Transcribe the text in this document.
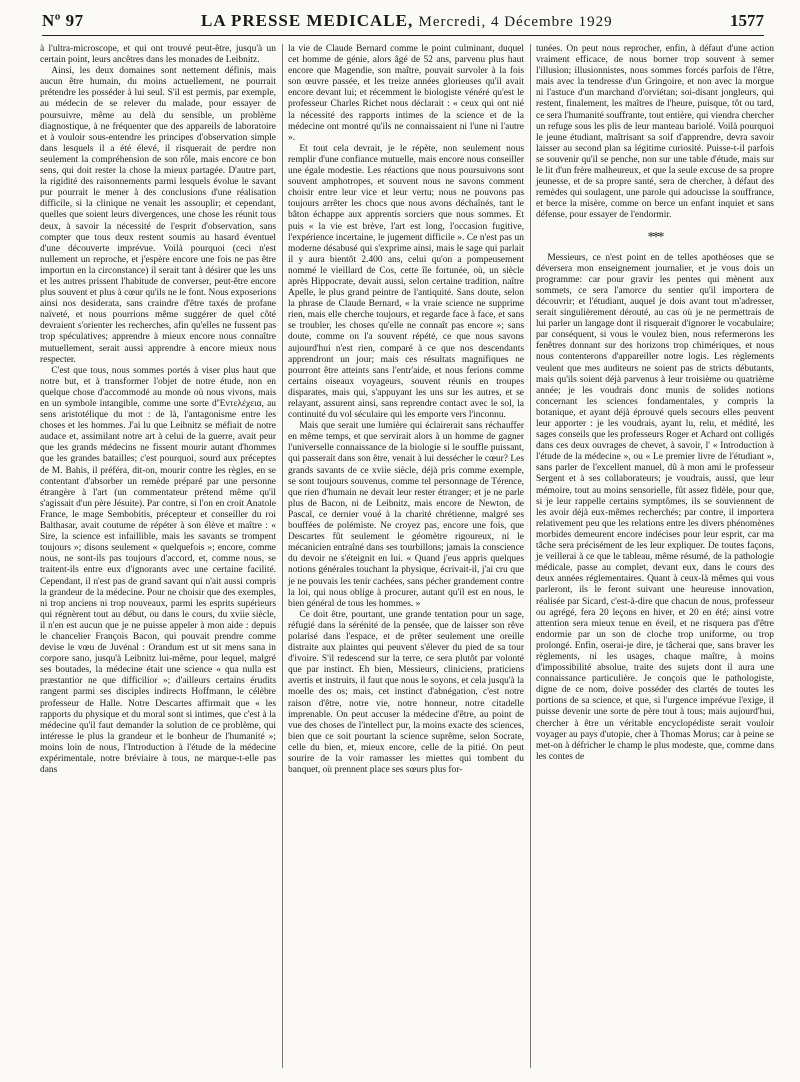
Nº 97	LA PRESSE MEDICALE, Mercredi, 4 Décembre 1929	1577

à l'ultra-microscope, et qui ont trouvé peut-être, jusqu'à un certain point, leurs ancêtres dans les monades de Leibnitz.

Ainsi, les deux domaines sont nettement définis, mais aucun être humain, du moins actuellement, ne pourrait prétendre les posséder à lui seul. S'il est permis, par exemple, au médecin de se relever du malade, pour essayer de poursuivre, même au delà du sensible, un problème diagnostique, à ne fréquenter que des appareils de laboratoire et à vouloir sous-entendre les principes d'observation simple dans lesquels il a été élevé, il risquerait de perdre non seulement la compréhension de son rôle, mais encore ce bon sens, qui doit rester la chose la mieux partagée. D'autre part, la rigidité des raisonnements parmi lesquels évolue le savant pur pourrait le mener à des conclusions d'une réalisation difficile, si la clinique ne venait les assouplir; et cependant, quelles que soient leurs divergences, une chose les réunit tous deux, à savoir la nécessité de l'esprit d'observation, sans compter que tous deux restent soumis au hasard éventuel d'une découverte imprévue. Voilà pourquoi (ceci n'est nullement un reproche, et j'espère encore une fois ne pas être importun en la circonstance) il serait tant à désirer que les uns et les autres prissent l'habitude de converser, peut-être encore plus souvent et plus à cœur qu'ils ne le font. Nous exposerions ainsi nos desiderata, sans craindre d'être taxés de profane naïveté, et nous pourrions même suggérer de quel côté devraient s'orienter les recherches, afin qu'elles ne fussent pas trop spéculatives; apprendre à mieux encore nous connaître mutuellement, serait aussi apprendre à encore mieux nous respecter.

C'est que tous, nous sommes portés à viser plus haut que notre but, et à transformer l'objet de notre étude, non en quelque chose d'accommodé au monde où nous vivons, mais en un symbole intangible, comme une sorte d'Ἐντελέχεια, au sens aristotélique du mot : de là, l'antagonisme entre les choses et les hommes. J'ai lu que Leibnitz se méfiait de notre audace et, assimilant notre art à celui de la guerre, avait peur que les grands médecins ne fissent mourir autant d'hommes que les grandes batailles; c'est pourquoi, sourd aux préceptes de M. Bahis, il préféra, dit-on, mourir contre les règles, en se contentant d'absorber un remède préparé par une personne étrangère à l'art (un commentateur prétend même qu'il s'agissait d'un père Jésuite). Par contre, si l'on en croit Anatole France, le mage Sembobitis, précepteur et conseiller du roi Balthasar, avait coutume de répéter à son élève et maître : « Sire, la science est infaillible, mais les savants se trompent toujours »; disons seulement « quelquefois »; encore, comme nous, ne sont-ils pas toujours d'accord, et, comme nous, se traitent-ils entre eux d'ignorants avec une certaine facilité. Cependant, il n'est pas de grand savant qui n'ait aussi compris la grandeur de la médecine. Pour ne choisir que des exemples, ni trop anciens ni trop nouveaux, parmi les esprits supérieurs qui régnèrent tout au début, ou dans le cours, du xviie siècle, il n'en est aucun que je ne puisse appeler à mon aide : depuis le chancelier François Bacon, qui pouvait prendre comme devise le vœu de Juvénal : Orandum est ut sit mens sana in corpore sano, jusqu'à Leibnitz lui-même, pour lequel, malgré ses boutades, la médecine était une science « qua nulla est præstantior ne que difficilior »; d'ailleurs certains érudits rangent parmi ses disciples indirects Hoffmann, le célèbre professeur de Halle. Notre Descartes affirmait que « les rapports du physique et du moral sont si intimes, que c'est à la médecine qu'il faut demander la solution de ce problème, qui intéresse le plus la grandeur et le bonheur de l'humanité »; moins loin de nous, l'Introduction à l'étude de la médecine expérimentale, notre bréviaire à tous, ne marque-t-elle pas dans

la vie de Claude Bernard comme le point culminant, duquel cet homme de génie, alors âgé de 52 ans, parvenu plus haut encore que Magendie, son maître, pouvait survoler à la fois son œuvre passée, et les treize années glorieuses qu'il avait encore devant lui; et récemment le biologiste vénéré qu'est le professeur Charles Richet nous déclarait : « ceux qui ont nié la nécessité des rapports intimes de la science et de la médecine ont montré qu'ils ne connaissaient ni l'une ni l'autre ».

Et tout cela devrait, je le répète, non seulement nous remplir d'une confiance mutuelle, mais encore nous conseiller une égale modestie. Les réactions que nous poursuivons sont souvent amphotropes, et souvent nous ne savons comment choisir entre leur vice et leur vertu; nous ne pouvons pas toujours arrêter les chocs que nous avons déchaînés, tant le bâton échappe aux apprentis sorciers que nous sommes. Et puis « la vie est brève, l'art est long, l'occasion fugitive, l'expérience incertaine, le jugement difficile ». Ce n'est pas un moderne désabusé qui s'exprime ainsi, mais le sage qui parlait il y aura bientôt 2.400 ans, celui qu'on a pompeusement nommé le vieillard de Cos, cette île fortunée, où, un siècle après Hippocrate, devait aussi, selon certaine tradition, naître Apelle, le plus grand peintre de l'antiquité. Sans doute, selon la phrase de Claude Bernard, « la vraie science ne supprime rien, mais elle cherche toujours, et regarde face à face, et sans se troubler, les choses qu'elle ne connaît pas encore »; sans doute, comme on l'a souvent répété, ce que nous savons aujourd'hui n'est rien, comparé à ce que nos descendants apprendront un jour; mais ces résultats magnifiques ne pourront être atteints sans l'entr'aide, et nous ferions comme certains oiseaux voyageurs, souvent réunis en troupes disparates, mais qui, s'appuyant les uns sur les autres, et se relayant, assurent ainsi, sans reprendre contact avec le sol, la continuité du vol séculaire qui les emporte vers l'inconnu.

Mais que serait une lumière qui éclairerait sans réchauffer en même temps, et que servirait alors à un homme de gagner l'universelle connaissance de la biologie si le souffle puissant, qui passerait dans son être, venait à lui dessécher le cœur? Les grands savants de ce xviie siècle, déjà pris comme exemple, se sont toujours souvenus, comme tel personnage de Térence, que rien d'humain ne devait leur rester étranger; et je ne parle plus de Bacon, ni de Leibnitz, mais encore de Newton, de Pascal, ce dernier voué à la charité chrétienne, malgré ses bouffées de polémiste. Ne croyez pas, encore une fois, que Descartes fût seulement le géomètre rigoureux, ni le mécanicien entraîné dans ses tourbillons; jamais la conscience du devoir ne s'éteignit en lui. « Quand j'eus appris quelques notions générales touchant la physique, écrivait-il, j'ai cru que je ne pouvais les tenir cachées, sans pécher grandement contre la loi, qui nous oblige à procurer, autant qu'il est en nous, le bien général de tous les hommes. »

Ce doit être, pourtant, une grande tentation pour un sage, réfugié dans la sérénité de la pensée, que de laisser son rêve polarisé dans l'espace, et de prêter seulement une oreille distraite aux plaintes qui peuvent s'élever du pied de sa tour d'ivoire. S'il redescend sur la terre, ce sera plutôt par volonté que par instinct. Eh bien, Messieurs, cliniciens, praticiens avertis et instruits, il faut que nous le soyons, et cela jusqu'à la moelle des os; mais, cet instinct d'abnégation, c'est notre raison d'être, notre vie, notre honneur, notre citadelle imprenable. On peut accuser la médecine d'être, au point de vue des choses de l'intellect pur, la moins exacte des sciences, bien que ce soit pourtant la science suprême, selon Socrate, celle du bien, et, mieux encore, celle de la pitié. On peut sourire de la voir ramasser les miettes qui tombent du banquet, où prennent place ses sœurs plus for-

tunées. On peut nous reprocher, enfin, à défaut d'une action vraiment efficace, de nous borner trop souvent à semer l'illusion; illusionnistes, nous sommes forcés parfois de l'être, mais avec la tendresse d'un Gringoire, et non avec la morgue ni l'astuce d'un marchand d'orviétan; soi-disant jongleurs, qui restent, finalement, les maîtres de l'heure, puisque, tôt ou tard, ce sera l'humanité souffrante, tout entière, qui viendra chercher un refuge sous les plis de leur manteau bariolé. Voilà pourquoi le jeune étudiant, maîtrisant sa soif d'apprendre, devra savoir laisser au second plan sa légitime curiosité. Puisse-t-il parfois se souvenir qu'il se penche, non sur une table d'étude, mais sur le lit d'un frère malheureux, et que la seule excuse de sa propre jeunesse, et de sa propre santé, sera de chercher, à défaut des remèdes qui soulagent, une parole qui adoucisse la souffrance, et berce la misère, comme on berce un enfant inquiet et sans défense, pour essayer de l'endormir.

***

Messieurs, ce n'est point en de telles apothéoses que se déversera mon enseignement journalier, et je vous dois un programme: car pour gravir les pentes qui mènent aux sommets, ce sera l'amorce du sentier qu'il importera de découvrir; et l'étudiant, auquel je dois avant tout m'adresser, serait singulièrement dérouté, au cas où je ne permettrais de lui parler un langage dont il risquerait d'ignorer le vocabulaire; par conséquent, si vous le voulez bien, nous refermerons les fenêtres donnant sur des horizons trop chimériques, et nous nous contenterons d'appareiller notre logis. Les règlements veulent que mes auditeurs ne soient pas de stricts débutants, mais qu'ils soient déjà parvenus à leur troisième ou quatrième année; je les voudrais donc munis de solides notions concernant les sciences fondamentales, y compris la botanique, et ayant déjà éprouvé quels secours elles peuvent leur apporter : je les voudrais, ayant lu, relu, et médité, les sages conseils que les professeurs Roger et Achard ont colligés dans ces deux ouvrages de chevet, à savoir, l' « Introduction à l'étude de la médecine », ou « Le premier livre de l'étudiant », sans parler de l'excellent manuel, dû à mon ami le professeur Sergent et à ses collaborateurs; je voudrais, aussi, que leur mémoire, tout au moins sensorielle, fût assez fidèle, pour que, si je leur rappelle certains symptômes, ils se souviennent de les avoir déjà eux-mêmes recherchés; par contre, il importera relativement peu que les relations entre les divers phénomènes morbides demeurent encore indécises pour leur esprit, car ma tâche sera précisément de les leur expliquer. De toutes façons, je veillerai à ce que le tableau, même résumé, de la pathologie médicale, passe au complet, devant eux, dans le cours des deux années réglementaires. Quant à ceux-là mêmes qui vous parleront, ils le feront suivant une heureuse innovation, réalisée par Sicard, c'est-à-dire que chacun de nous, professeur ou agrégé, fera 20 leçons en hiver, et 20 en été; ainsi votre attention sera mieux tenue en éveil, et ne risquera pas d'être endormie par un son de cloche trop uniforme, ou trop prolongé. Enfin, oserai-je dire, je tâcherai que, sans braver les règlements, ni les usages, chaque maître, à moins d'impossibilité absolue, traite des sujets dont il aura une connaissance particulière. Je conçois que le pathologiste, digne de ce nom, doive posséder des clartés de toutes les portions de sa science, et que, si l'urgence imprévue l'exige, il puisse devenir une sorte de père tout à tous; mais aujourd'hui, chercher à être un véritable encyclopédiste serait vouloir voyager au pays d'utopie, cher à Thomas Morus; car à peine se met-on à défricher le champ le plus modeste, que, comme dans les contes de
